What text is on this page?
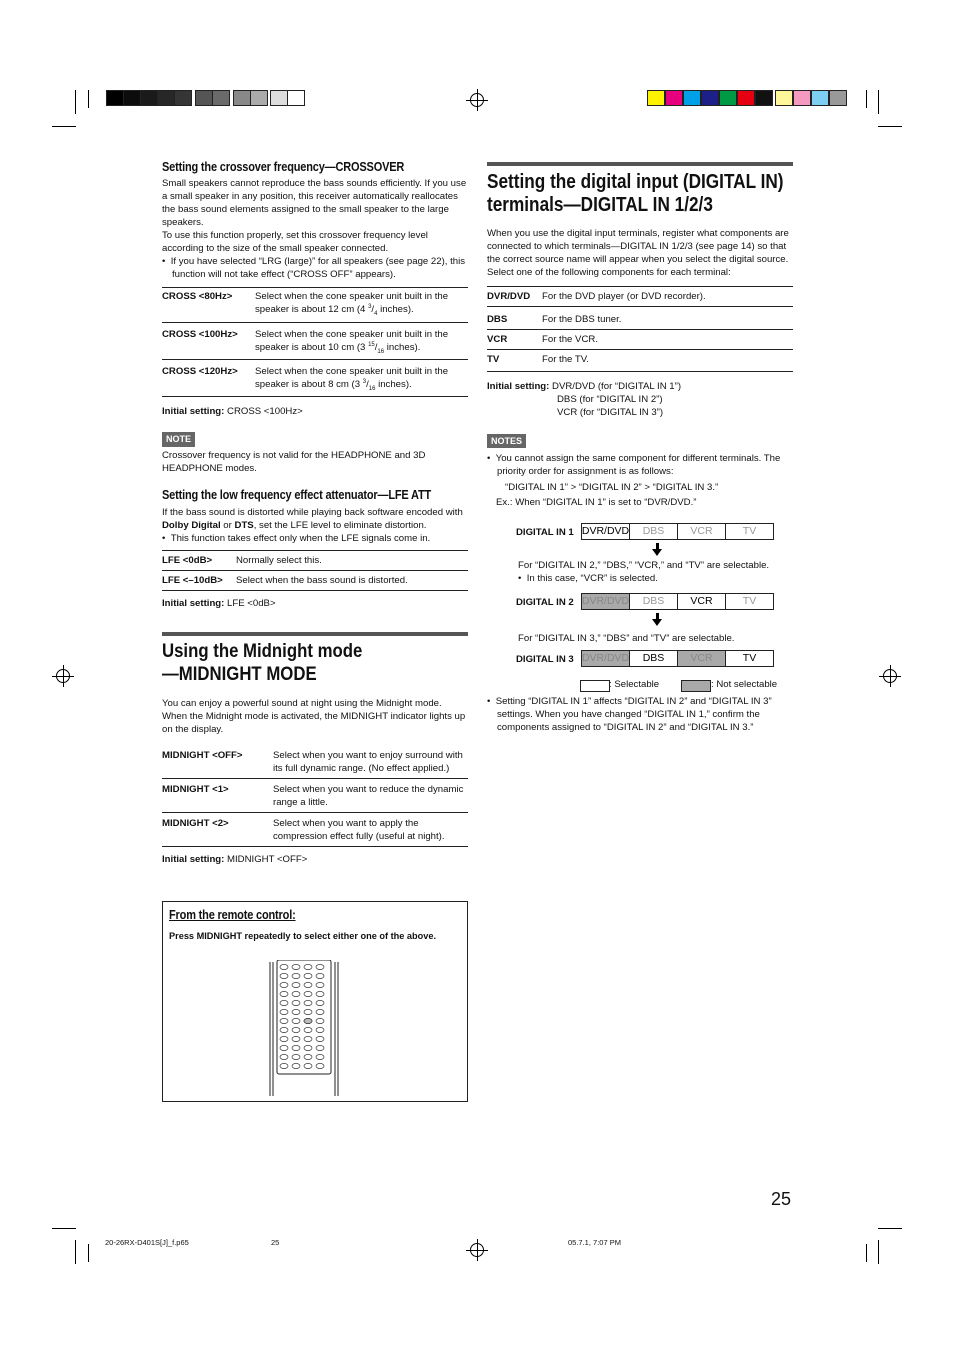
Setting the crossover frequency—CROSSOVER

Small speakers cannot reproduce the bass sounds efficiently. If you use a small speaker in any position, this receiver automatically reallocates the bass sound elements assigned to the small speaker to the large speakers.

To use this function properly, set this crossover frequency level according to the size of the small speaker connected.

•  If you have selected “LRG (large)” for all speakers (see page 22), this function will not take effect (“CROSS OFF” appears).

CROSS <80Hz>	Select when the cone speaker unit built in the speaker is about 12 cm (4 $^3/_4$ inches).
CROSS <100Hz>	Select when the cone speaker unit built in the speaker is about 10 cm (3 $^{15}/_{16}$ inches).
CROSS <120Hz>	Select when the cone speaker unit built in the speaker is about 8 cm (3 $^3/_{16}$ inches).

Initial setting: CROSS <100Hz>

NOTE

Crossover frequency is not valid for the HEADPHONE and 3D HEADPHONE modes.

Setting the low frequency effect attenuator—LFE ATT

If the bass sound is distorted while playing back software encoded with Dolby Digital or DTS, set the LFE level to eliminate distortion.

•  This function takes effect only when the LFE signals come in.

LFE <0dB>	Normally select this.
LFE <–10dB>	Select when the bass sound is distorted.

Initial setting: LFE <0dB>

Using the Midnight mode
—MIDNIGHT MODE

You can enjoy a powerful sound at night using the Midnight mode. When the Midnight mode is activated, the MIDNIGHT indicator lights up on the display.

MIDNIGHT <OFF>	Select when you want to enjoy surround with its full dynamic range. (No effect applied.)
MIDNIGHT <1>	Select when you want to reduce the dynamic range a little.
MIDNIGHT <2>	Select when you want to apply the compression effect fully (useful at night).

Initial setting: MIDNIGHT <OFF>

From the remote control:

Press MIDNIGHT repeatedly to select either one of the above.

Setting the digital input (DIGITAL IN)
terminals—DIGITAL IN 1/2/3

When you use the digital input terminals, register what components are connected to which terminals—DIGITAL IN 1/2/3 (see page 14) so that the correct source name will appear when you select the digital source.

Select one of the following components for each terminal:

DVR/DVD	For the DVD player (or DVD recorder).
DBS	For the DBS tuner.
VCR	For the VCR.
TV	For the TV.
Initial setting: DVR/DVD (for “DIGITAL IN 1”)
DBS (for “DIGITAL IN 2”)
VCR (for “DIGITAL IN 3”)
NOTES

•  You cannot assign the same component for different terminals. The priority order for assignment is as follows:

“DIGITAL IN 1” > “DIGITAL IN 2” > “DIGITAL IN 3.”

Ex.: When “DIGITAL IN 1” is set to “DVR/DVD.”

DIGITAL IN 1 DVR/DVD	DBS	VCR	TV

For “DIGITAL IN 2,” “DBS,” “VCR,” and “TV” are selectable.

•  In this case, “VCR” is selected.

DIGITAL IN 2 DVR/DVD	DBS	VCR	TV

For “DIGITAL IN 3,” “DBS” and “TV” are selectable.

DIGITAL IN 3 DVR/DVD	DBS	VCR	TV
: Selectable	: Not selectable

•  Setting “DIGITAL IN 1” affects “DIGITAL IN 2” and “DIGITAL IN 3” settings. When you have changed “DIGITAL IN 1,” confirm the components assigned to “DIGITAL IN 2” and “DIGITAL IN 3.”

25
20-26RX-D401S[J]_f.p65	25	05.7.1, 7:07 PM
